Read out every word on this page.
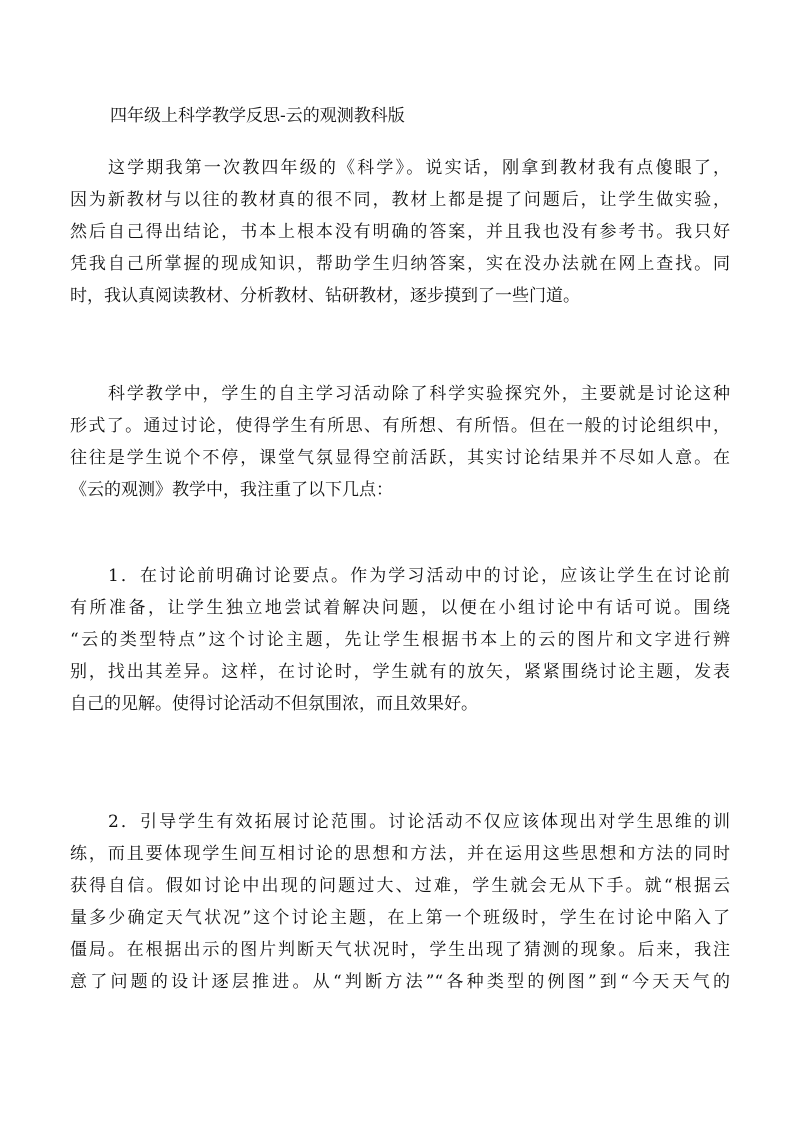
四年级上科学教学反思-云的观测教科版
这学期我第一次教四年级的《科学》。说实话，刚拿到教材我有点傻眼了，
因为新教材与以往的教材真的很不同，教材上都是提了问题后，让学生做实验，
然后自己得出结论，书本上根本没有明确的答案，并且我也没有参考书。我只好
凭我自己所掌握的现成知识，帮助学生归纳答案，实在没办法就在网上查找。同
时，我认真阅读教材、分析教材、钻研教材，逐步摸到了一些门道。
科学教学中，学生的自主学习活动除了科学实验探究外，主要就是讨论这种
形式了。通过讨论，使得学生有所思、有所想、有所悟。但在一般的讨论组织中，
往往是学生说个不停，课堂气氛显得空前活跃，其实讨论结果并不尽如人意。在
《云的观测》教学中，我注重了以下几点：
1．在讨论前明确讨论要点。作为学习活动中的讨论，应该让学生在讨论前
有所准备，让学生独立地尝试着解决问题，以便在小组讨论中有话可说。围绕
“云的类型特点”这个讨论主题，先让学生根据书本上的云的图片和文字进行辨
别，找出其差异。这样，在讨论时，学生就有的放矢，紧紧围绕讨论主题，发表
自己的见解。使得讨论活动不但氛围浓，而且效果好。
2．引导学生有效拓展讨论范围。讨论活动不仅应该体现出对学生思维的训
练，而且要体现学生间互相讨论的思想和方法，并在运用这些思想和方法的同时
获得自信。假如讨论中出现的问题过大、过难，学生就会无从下手。就“根据云
量多少确定天气状况”这个讨论主题，在上第一个班级时，学生在讨论中陷入了
僵局。在根据出示的图片判断天气状况时，学生出现了猜测的现象。后来，我注
意了问题的设计逐层推进。从“判断方法”“各种类型的例图”到“今天天气的
